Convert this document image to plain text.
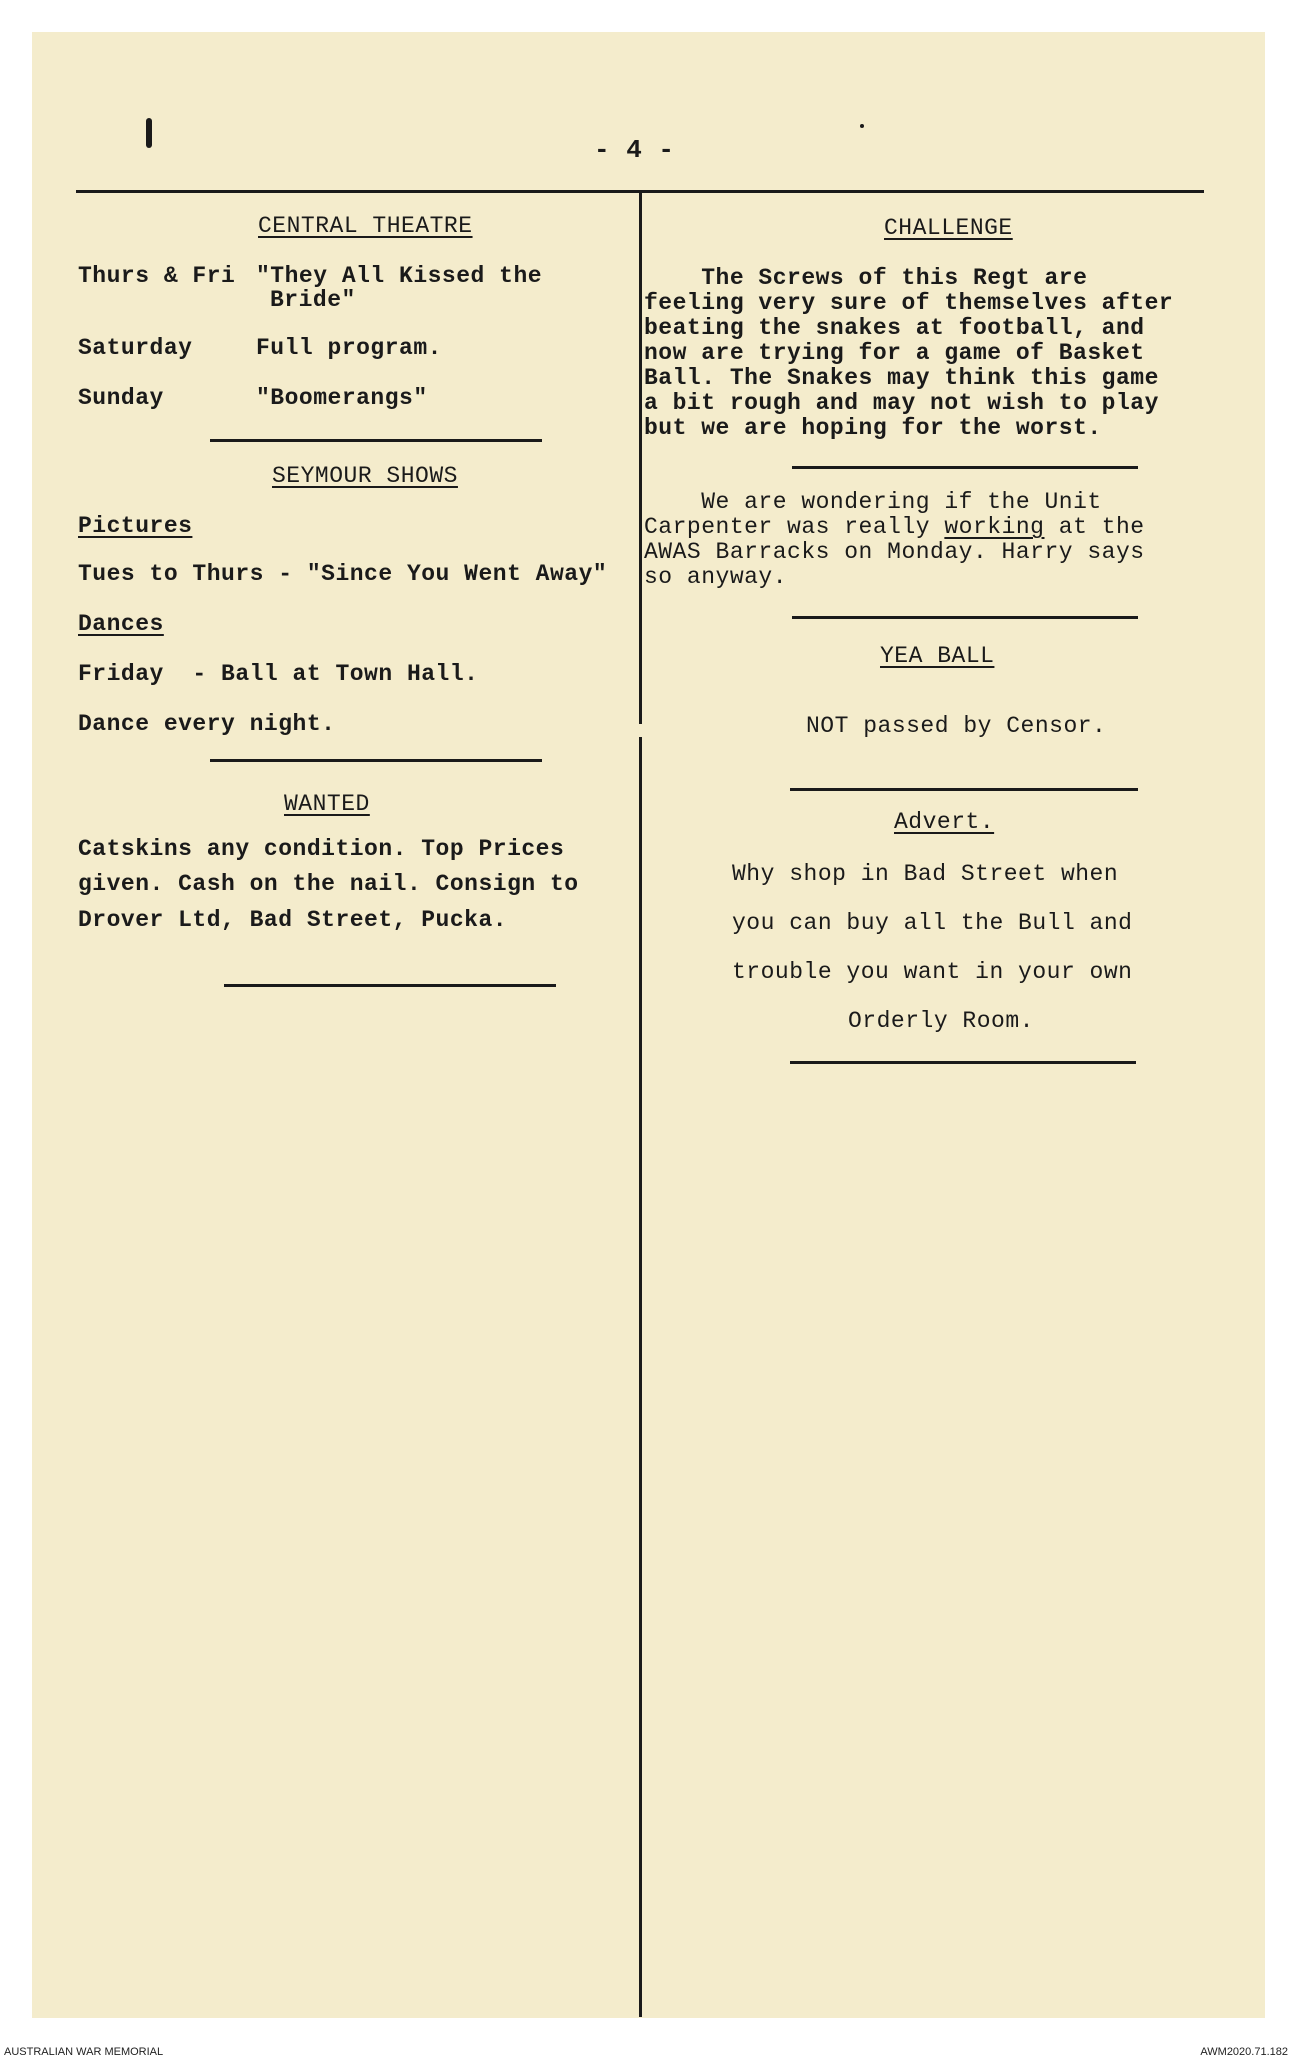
- 4 -
CENTRAL THEATRE
Thurs & Fri "They All Kissed the
Bride"
Saturday	Full program.
Sunday	"Boomerangs"
SEYMOUR SHOWS
Pictures
Tues to Thurs - "Since You Went Away"
Dances
Friday  - Ball at Town Hall.
Dance every night.
WANTED
Catskins any condition. Top Prices
given. Cash on the nail. Consign to
Drover Ltd, Bad Street, Pucka.
CHALLENGE
The Screws of this Regt are
feeling very sure of themselves after
beating the snakes at football, and
now are trying for a game of Basket
Ball. The Snakes may think this game
a bit rough and may not wish to play
but we are hoping for the worst.
We are wondering if the Unit
Carpenter was really working at the
AWAS Barracks on Monday. Harry says
so anyway.
YEA BALL
NOT passed by Censor.
Advert.
Why shop in Bad Street when
you can buy all the Bull and
trouble you want in your own
Orderly Room.
AUSTRALIAN WAR MEMORIAL	AWM2020.71.182
